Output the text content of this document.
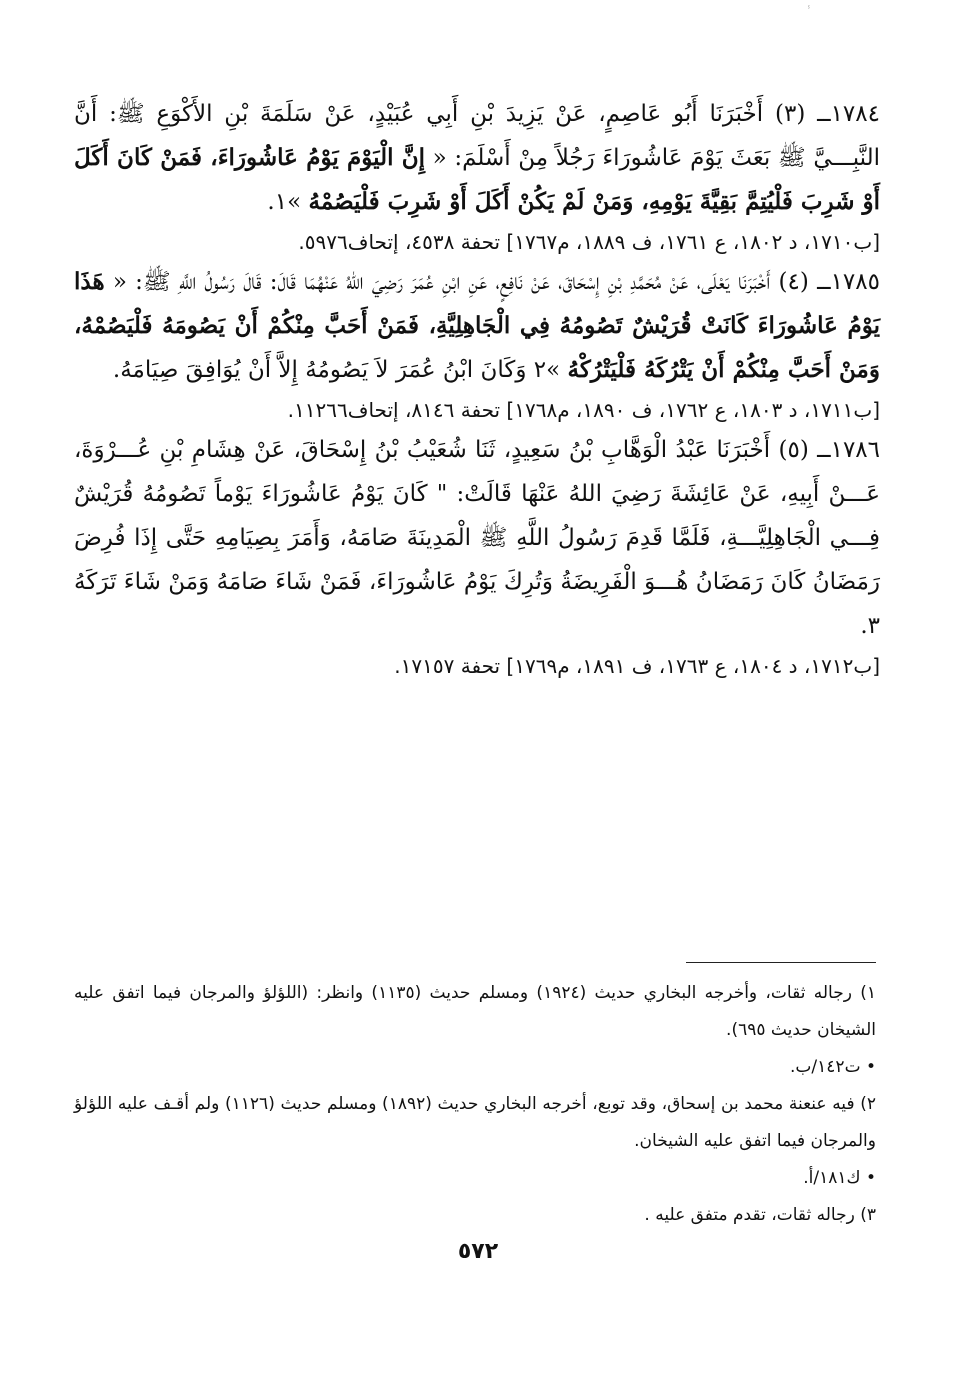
ⸯ

١٧٨٤ــ (٣) أَخْبَرَنَا أَبُو عَاصِمٍ، عَنْ يَزِيدَ بْنِ أَبِي عُبَيْدٍ، عَنْ سَلَمَةَ بْنِ الأَكْوَعِ ﷺ: أَنَّ النَّبِـــيَّ ﷺ بَعَثَ يَوْمَ عَاشُورَاءَ رَجُلاً مِنْ أَسْلَمَ: « إِنَّ الْيَوْمَ يَوْمُ عَاشُورَاءَ، فَمَنْ كَانَ أَكَلَ أَوْ شَرِبَ فَلْيُتِمَّ بَقِيَّةَ يَوْمِهِ، وَمَنْ لَمْ يَكُنْ أَكَلَ أَوْ شَرِبَ فَلْيَصُمْهُ »١.

[ب١٧١٠، د ١٨٠٢، ع ١٧٦١، ف ١٨٨٩، م١٧٦٧] تحفة ٤٥٣٨، إتحاف٥٩٧٦.

١٧٨٥ــ (٤) أَخْبَرَنَا يَعْلَى، عَنْ مُحَمَّدِ بْنِ إِسْحَاقَ، عَنْ نَافِعٍ، عَنِ ابْنِ عُمَرَ رَضِيَ اللهُ عَنْهُمَا قَالَ: قَالَ رَسُولُ اللَّهِ ﷺ: « هَذَا يَوْمُ عَاشُورَاءَ كَانَتْ قُرَيْشٌ تَصُومُهُ فِي الْجَاهِلِيَّةِ، فَمَنْ أَحَبَّ مِنْكُمْ أَنْ يَصُومَهُ فَلْيَصُمْهُ، وَمَنْ أَحَبَّ مِنْكُمْ أَنْ يَتْرُكَهُ فَلْيَتْرُكْهُ »٢ وَكَانَ ابْنُ عُمَرَ لاَ يَصُومُهُ إِلاَّ أَنْ يُوَافِقَ صِيَامَهُ.

[ب١٧١١، د ١٨٠٣، ع ١٧٦٢، ف ١٨٩٠، م١٧٦٨] تحفة ٨١٤٦، إتحاف١١٢٦٦.

١٧٨٦ــ (٥) أَخْبَرَنَا عَبْدُ الْوَهَّابِ بْنُ سَعِيدٍ، ثَنَا شُعَيْبُ بْنُ إِسْحَاقَ، عَنْ هِشَامِ بْنِ عُـــرْوَةَ، عَـــنْ أَبِيهِ، عَنْ عَائِشَةَ رَضِيَ اللهُ عَنْهَا قَالَتْ: " كَانَ يَوْمُ عَاشُورَاءَ يَوْماً تَصُومُهُ قُرَيْشٌ فِـــي الْجَاهِلِيَّـــةِ، فَلَمَّا قَدِمَ رَسُولُ اللَّهِ ﷺ الْمَدِينَةَ صَامَهُ، وَأَمَرَ بِصِيَامِهِ حَتَّى إِذَا فُرِضَ رَمَضَانُ كَانَ رَمَضَانُ هُـــوَ الْفَرِيضَةُ وَتُرِكَ يَوْمُ عَاشُورَاءَ، فَمَنْ شَاءَ صَامَهُ وَمَنْ شَاءَ تَرَكَهُ ٣.

[ب١٧١٢، د ١٨٠٤، ع ١٧٦٣، ف ١٨٩١، م١٧٦٩] تحفة ١٧١٥٧.

١) رجاله ثقات، وأخرجه البخاري حديث (١٩٢٤) ومسلم حديث (١١٣٥) وانظر: (اللؤلؤ والمرجان فيما اتفق عليه الشيخان حديث ٦٩٥).

• ت١٤٢/ب.

٢) فيه عنعنة محمد بن إسحاق، وقد توبع، أخرجه البخاري حديث (١٨٩٢) ومسلم حديث (١١٢٦) ولم أقـف عليه اللؤلؤ والمرجان فيما اتفق عليه الشيخان.

• ك١٨١/أ.

٣) رجاله ثقات، تقدم متفق عليه .

٥٧٢
